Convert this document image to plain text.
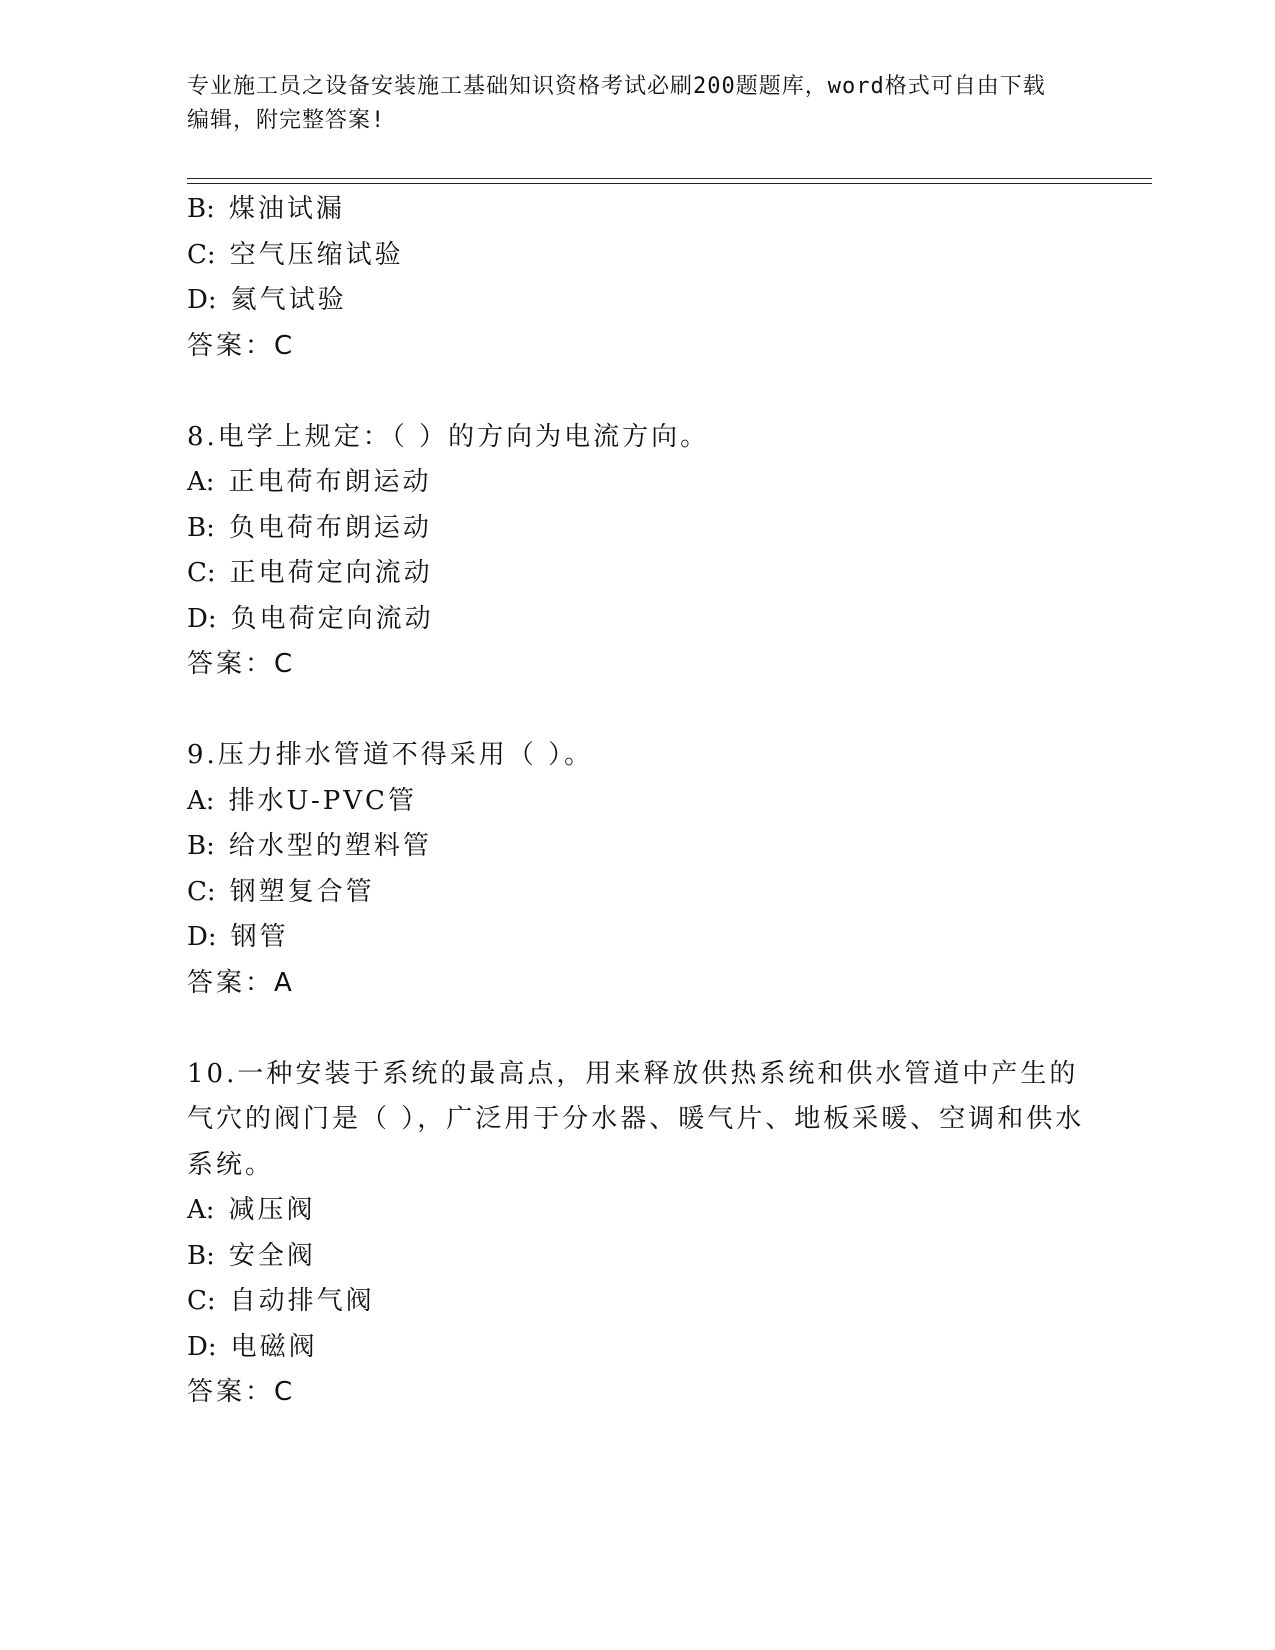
专业施工员之设备安装施工基础知识资格考试必刷200题题库，word格式可自由下载编辑，附完整答案!
B: 煤油试漏
C: 空气压缩试验
D: 氦气试验
答案：C
8.电学上规定：（ ）的方向为电流方向。
A: 正电荷布朗运动
B: 负电荷布朗运动
C: 正电荷定向流动
D: 负电荷定向流动
答案：C
9.压力排水管道不得采用（ ）。
A: 排水U-PVC管
B: 给水型的塑料管
C: 钢塑复合管
D: 钢管
答案：A
10.一种安装于系统的最高点，用来释放供热系统和供水管道中产生的气穴的阀门是（ ），广泛用于分水器、暖气片、地板采暖、空调和供水系统。
A: 减压阀
B: 安全阀
C: 自动排气阀
D: 电磁阀
答案：C
